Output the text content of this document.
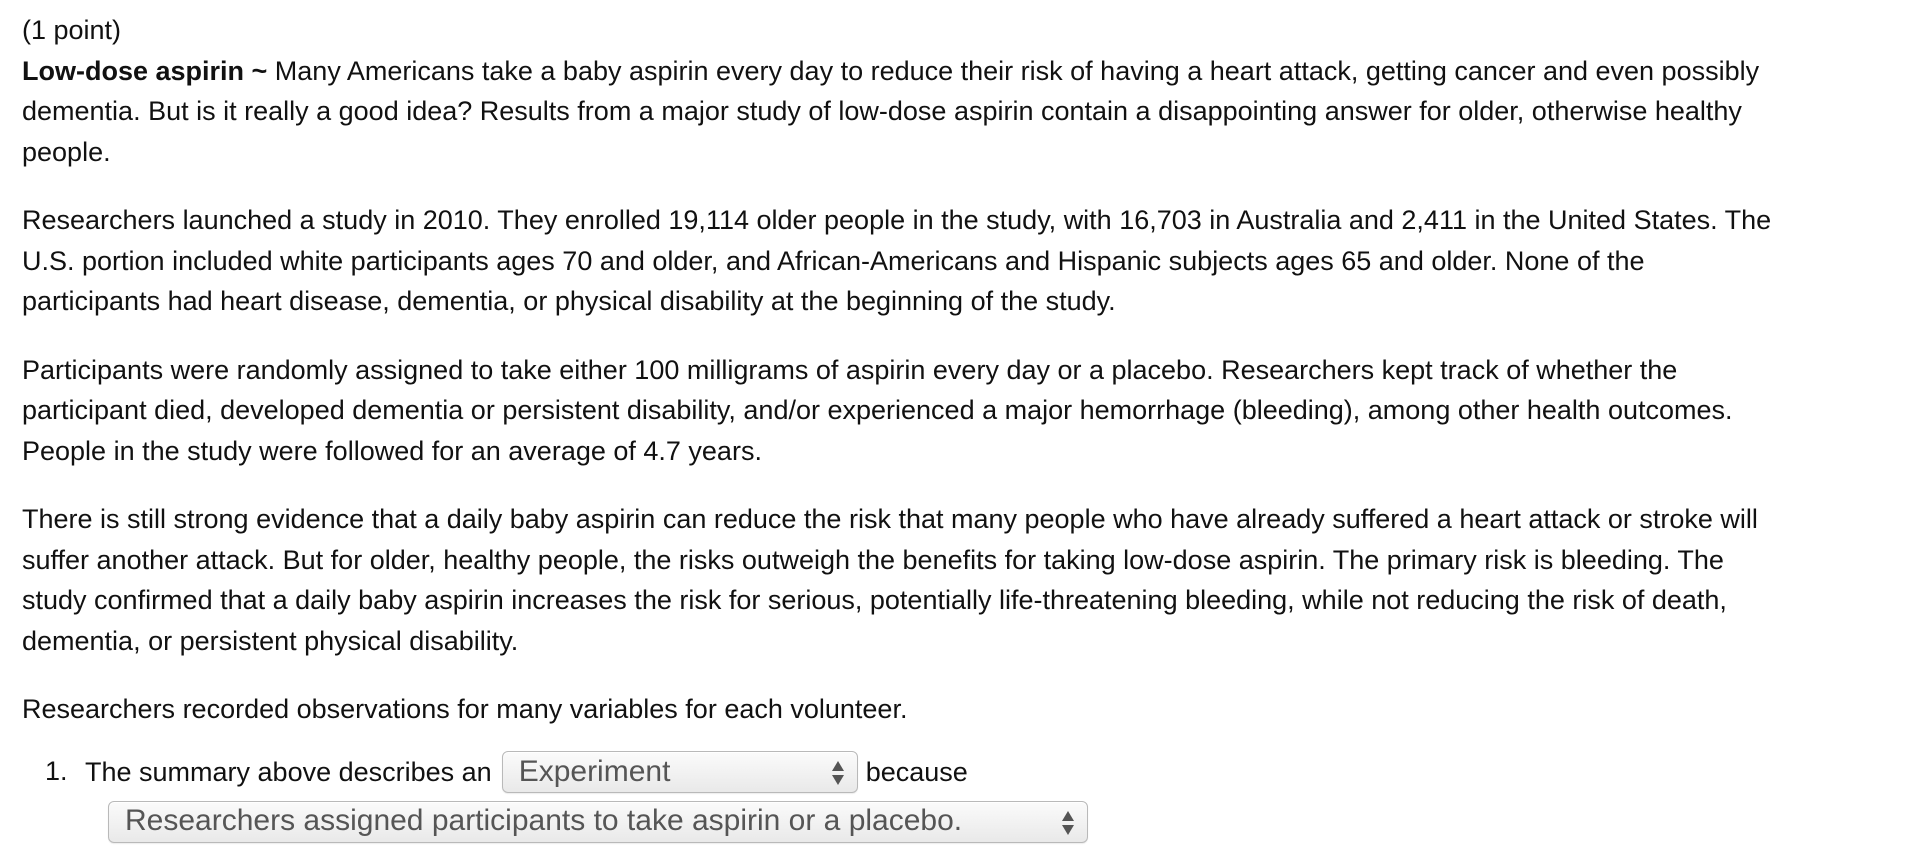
(1 point)

Low-dose aspirin ~ Many Americans take a baby aspirin every day to reduce their risk of having a heart attack, getting cancer and even possibly dementia. But is it really a good idea? Results from a major study of low-dose aspirin contain a disappointing answer for older, otherwise healthy people.

Researchers launched a study in 2010. They enrolled 19,114 older people in the study, with 16,703 in Australia and 2,411 in the United States. The U.S. portion included white participants ages 70 and older, and African-Americans and Hispanic subjects ages 65 and older. None of the participants had heart disease, dementia, or physical disability at the beginning of the study.

Participants were randomly assigned to take either 100 milligrams of aspirin every day or a placebo. Researchers kept track of whether the participant died, developed dementia or persistent disability, and/or experienced a major hemorrhage (bleeding), among other health outcomes. People in the study were followed for an average of 4.7 years.

There is still strong evidence that a daily baby aspirin can reduce the risk that many people who have already suffered a heart attack or stroke will suffer another attack. But for older, healthy people, the risks outweigh the benefits for taking low-dose aspirin. The primary risk is bleeding. The study confirmed that a daily baby aspirin increases the risk for serious, potentially life-threatening bleeding, while not reducing the risk of death, dementia, or persistent physical disability.

Researchers recorded observations for many variables for each volunteer.

1. The summary above describes an Experiment	because
Researchers assigned participants to take aspirin or a placebo.
